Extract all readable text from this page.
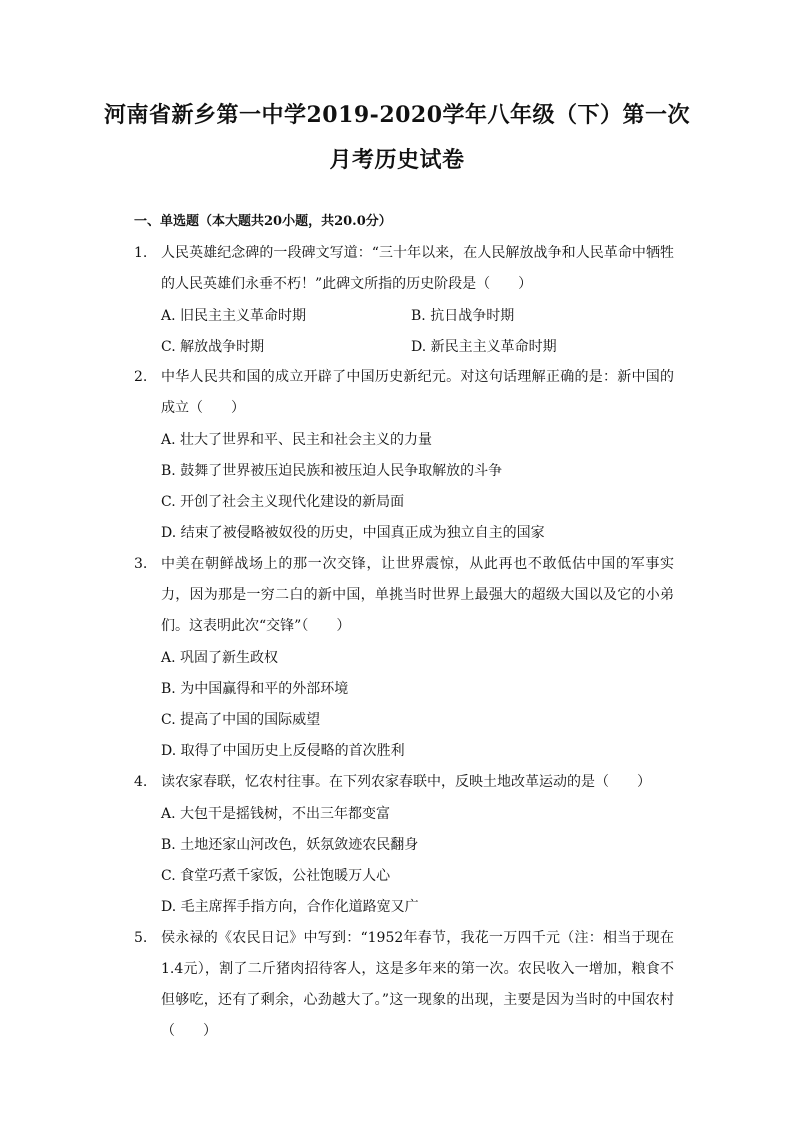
河南省新乡第一中学2019-2020学年八年级（下）第一次
月考历史试卷
一、单选题（本大题共20小题，共20.0分）
1. 人民英雄纪念碑的一段碑文写道：“三十年以来，在人民解放战争和人民革命中牺牲的人民英雄们永垂不朽！”此碑文所指的历史阶段是（　　）
A. 旧民主主义革命时期	B. 抗日战争时期
C. 解放战争时期	D. 新民主主义革命时期
2. 中华人民共和国的成立开辟了中国历史新纪元。对这句话理解正确的是：新中国的成立（　　）
A. 壮大了世界和平、民主和社会主义的力量
B. 鼓舞了世界被压迫民族和被压迫人民争取解放的斗争
C. 开创了社会主义现代化建设的新局面
D. 结束了被侵略被奴役的历史，中国真正成为独立自主的国家
3. 中美在朝鲜战场上的那一次交锋，让世界震惊，从此再也不敢低估中国的军事实力，因为那是一穷二白的新中国，单挑当时世界上最强大的超级大国以及它的小弟们。这表明此次“交锋”（　　）
A. 巩固了新生政权
B. 为中国赢得和平的外部环境
C. 提高了中国的国际威望
D. 取得了中国历史上反侵略的首次胜利
4. 读农家春联，忆农村往事。在下列农家春联中，反映土地改革运动的是（　　）
A. 大包干是摇钱树，不出三年都变富
B. 土地还家山河改色，妖氛敛迹农民翻身
C. 食堂巧煮千家饭，公社饱暖万人心
D. 毛主席挥手指方向，合作化道路宽又广
5. 侯永禄的《农民日记》中写到：“1952年春节，我花一万四千元（注：相当于现在1.4元），割了二斤猪肉招待客人，这是多年来的第一次。农民收入一增加，粮食不但够吃，还有了剩余，心劲越大了。”这一现象的出现，主要是因为当时的中国农村（　　）
